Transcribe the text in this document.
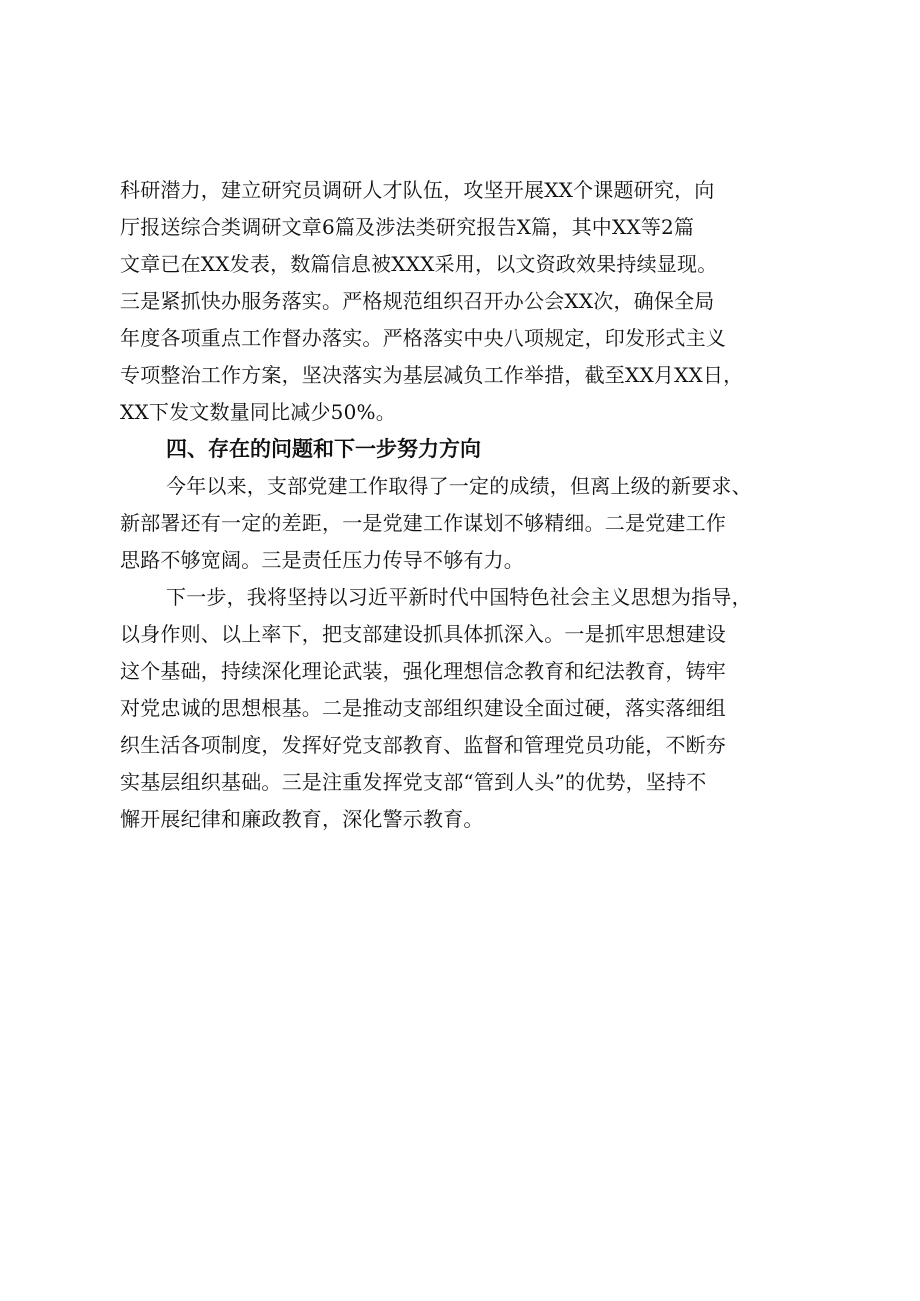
科研潜力，建立研究员调研人才队伍，攻坚开展XX个课题研究，向

厅报送综合类调研文章6篇及涉法类研究报告X篇，其中XX等2篇

文章已在XX发表，数篇信息被XXX采用，以文资政效果持续显现。

三是紧抓快办服务落实。严格规范组织召开办公会XX次，确保全局

年度各项重点工作督办落实。严格落实中央八项规定，印发形式主义

专项整治工作方案，坚决落实为基层减负工作举措，截至XX月XX日，

XX下发文数量同比减少50%。

四、存在的问题和下一步努力方向

今年以来，支部党建工作取得了一定的成绩，但离上级的新要求、

新部署还有一定的差距，一是党建工作谋划不够精细。二是党建工作

思路不够宽阔。三是责任压力传导不够有力。

下一步，我将坚持以习近平新时代中国特色社会主义思想为指导，

以身作则、以上率下，把支部建设抓具体抓深入。一是抓牢思想建设

这个基础，持续深化理论武装，强化理想信念教育和纪法教育，铸牢

对党忠诚的思想根基。二是推动支部组织建设全面过硬，落实落细组

织生活各项制度，发挥好党支部教育、监督和管理党员功能，不断夯

实基层组织基础。三是注重发挥党支部“管到人头”的优势，坚持不

懈开展纪律和廉政教育，深化警示教育。
